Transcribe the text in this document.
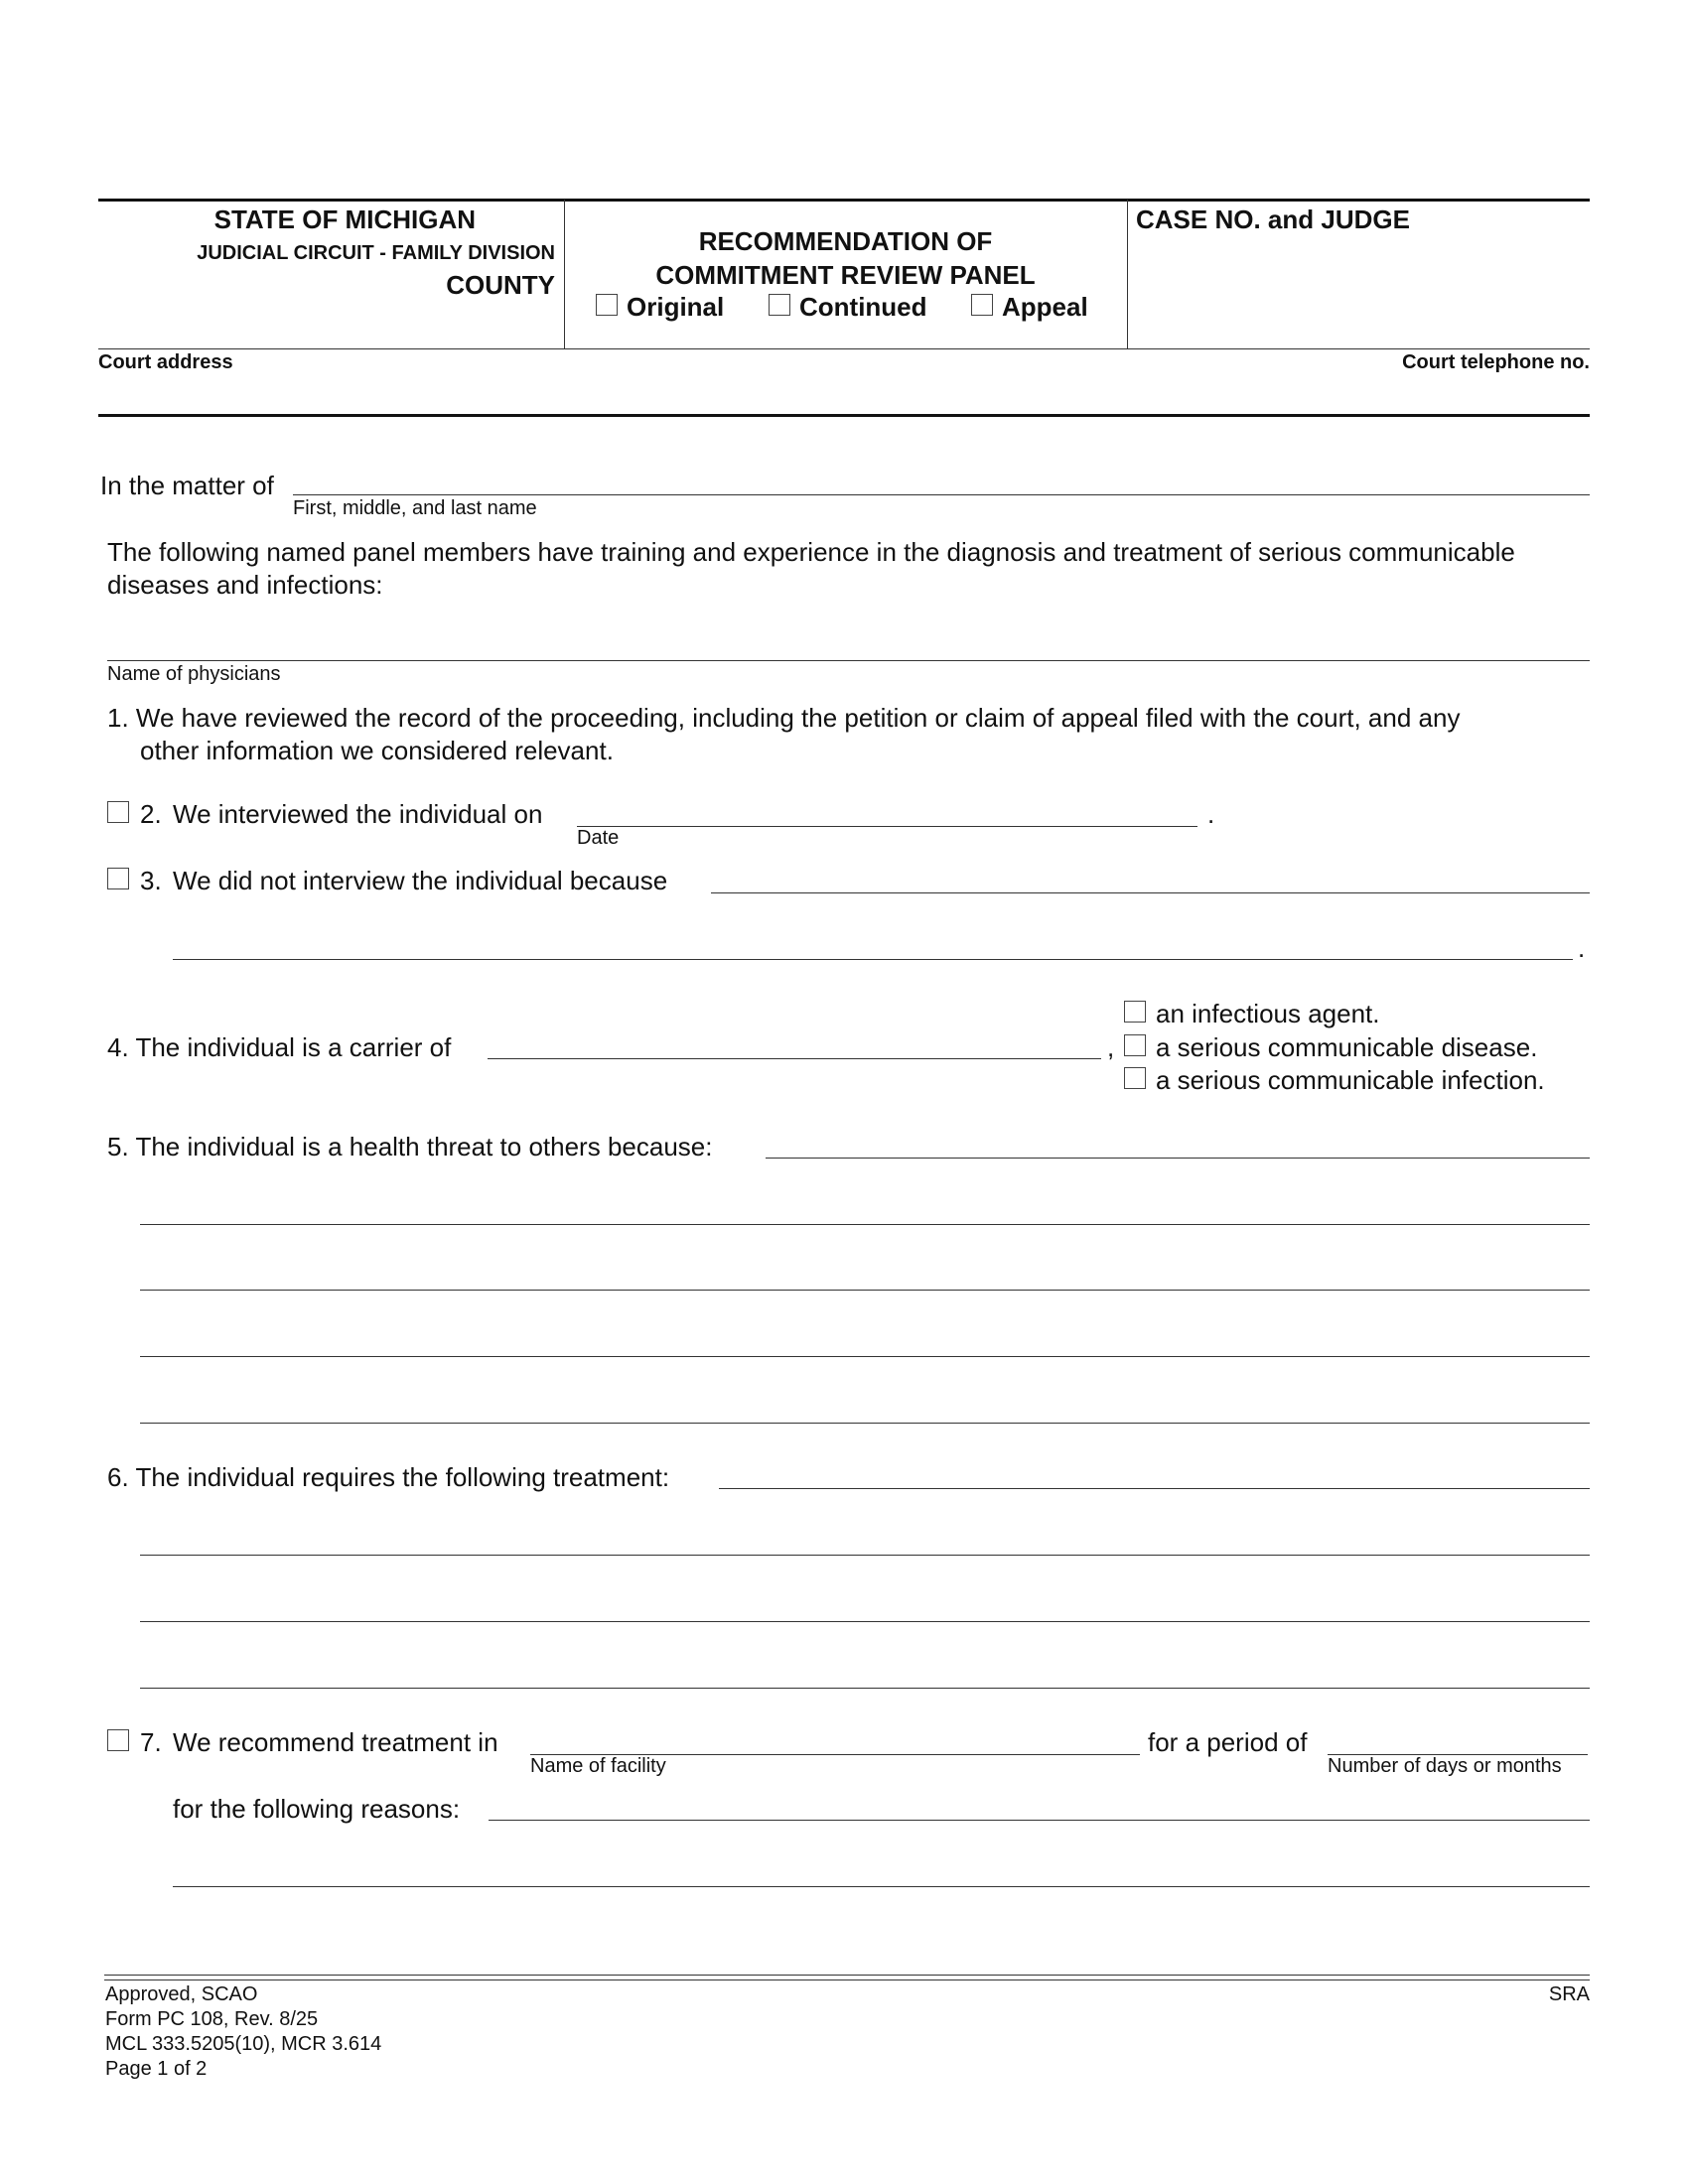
STATE OF MICHIGAN
JUDICIAL CIRCUIT - FAMILY DIVISION
COUNTY
RECOMMENDATION OF
COMMITMENT REVIEW PANEL
Original	Continued	Appeal
CASE NO. and JUDGE
Court address	Court telephone no.
In the matter of
First, middle, and last name
The following named panel members have training and experience in the diagnosis and treatment of serious communicable
diseases and infections:
Name of physicians
1. We have reviewed the record of the proceeding, including the petition or claim of appeal filed with the court, and any
other information we considered relevant.
2. We interviewed the individual on	.
Date
3. We did not interview the individual because
.
4. The individual is a carrier of	,
an infectious agent.
a serious communicable disease.
a serious communicable infection.
5. The individual is a health threat to others because:
6. The individual requires the following treatment:
7. We recommend treatment in
Name of facility
for a period of
Number of days or months
for the following reasons:
Approved, SCAO
Form PC 108, Rev. 8/25
MCL 333.5205(10), MCR 3.614
Page 1 of 2
SRA
